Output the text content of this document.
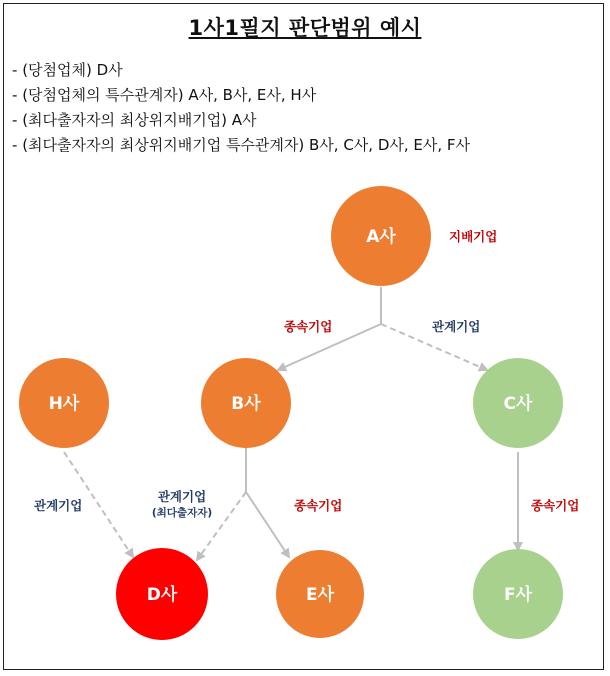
1사1필지 판단범위 예시
- (당첨업체) D사
- (당첨업체의 특수관계자) A사, B사, E사, H사
- (최다출자자의 최상위지배기업) A사
- (최다출자자의 최상위지배기업 특수관계자) B사, C사, D사, E사, F사
A사
B사	C사
H사
D사	E사	F사
지배기업
종속기업	관계기업
관계기업
관계기업
(최다출자자)	종속기업	종속기업
